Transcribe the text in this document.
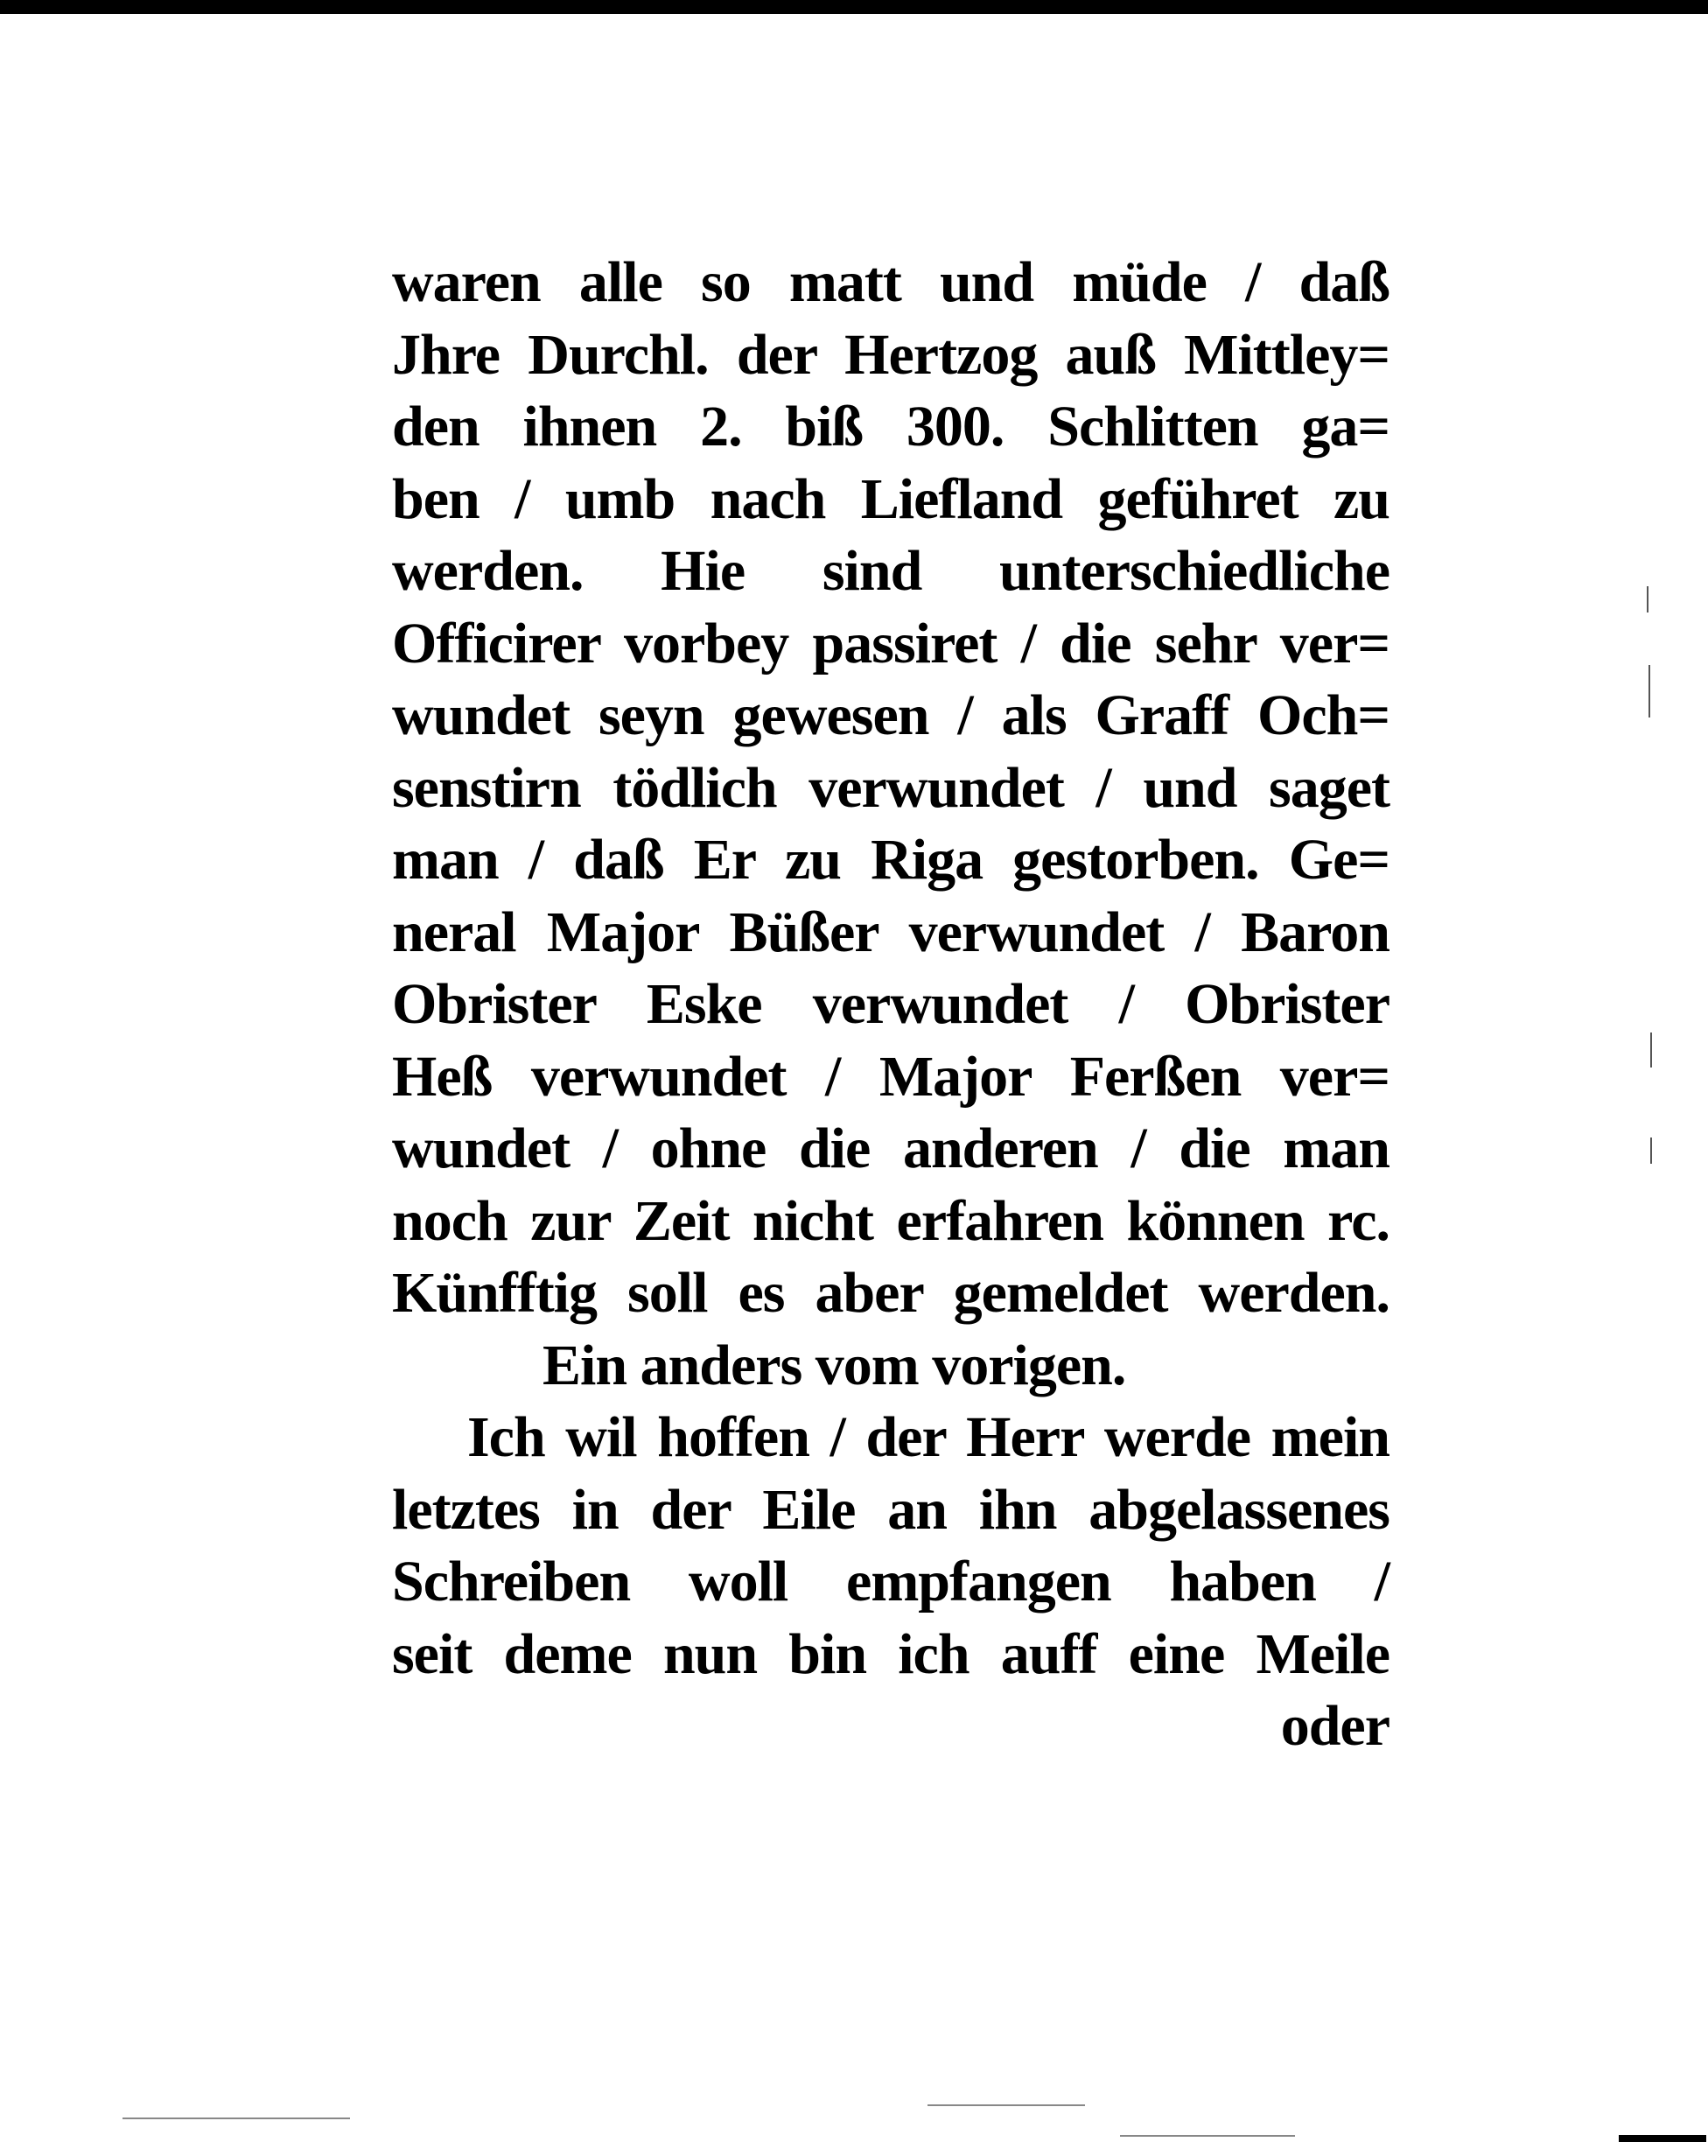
waren alle so matt und müde / daß
Jhre Durchl. der Hertzog auß Mittley=
den ihnen 2. biß 300. Schlitten ga=
ben / umb nach Liefland geführet zu
werden. Hie sind unterschiedliche
Officirer vorbey passiret / die sehr ver=
wundet seyn gewesen / als Graff Och=
senstirn tödlich verwundet / und saget
man / daß Er zu Riga gestorben. Ge=
neral Major Büßer verwundet / Baron
Obrister Eske verwundet / Obrister
Heß verwundet / Major Ferßen ver=
wundet / ohne die anderen / die man
noch zur Zeit nicht erfahren können rc.
Künfftig soll es aber gemeldet werden.
Ein anders vom vorigen.
Ich wil hoffen / der Herr werde mein
letztes in der Eile an ihn abgelassenes
Schreiben woll empfangen haben /
seit deme nun bin ich auff eine Meile
oder
